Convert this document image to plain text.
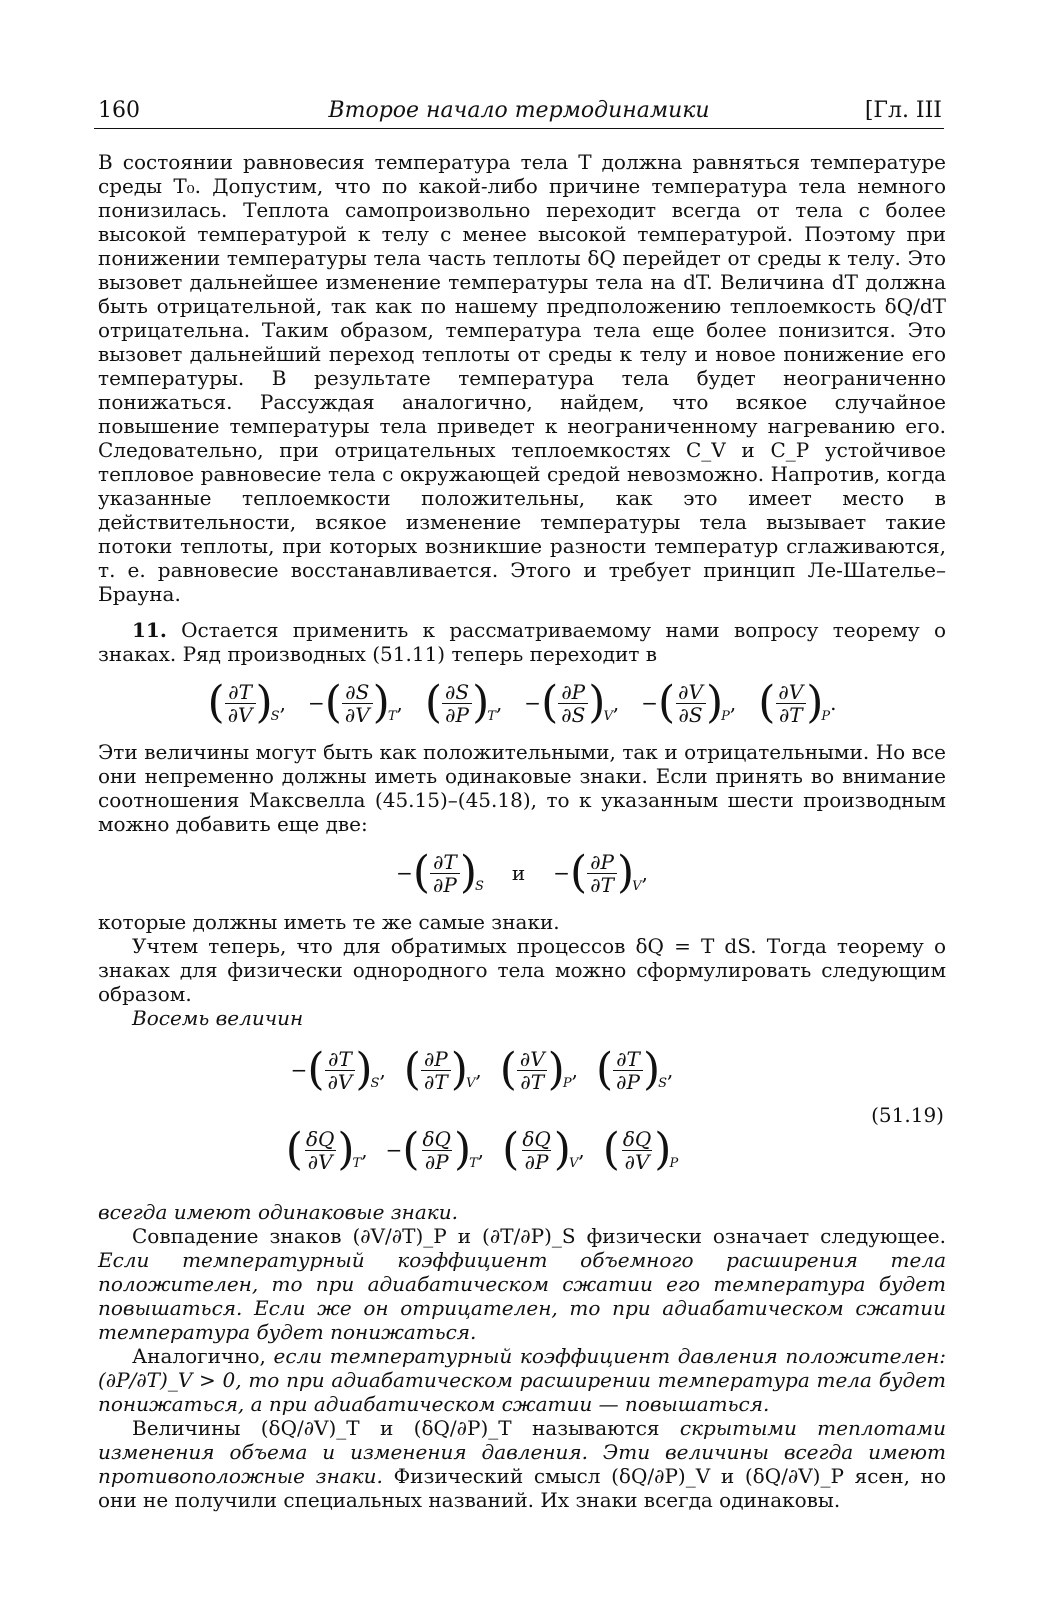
160	Второе начало термодинамики	[Гл. III

В состоянии равновесия температура тела T должна равняться температуре среды T₀. Допустим, что по какой-либо причине температура тела немного понизилась. Теплота самопроизвольно переходит всегда от тела с более высокой температурой к телу с менее высокой температурой. Поэтому при понижении температуры тела часть теплоты δQ перейдет от среды к телу. Это вызовет дальнейшее изменение температуры тела на dT. Величина dT должна быть отрицательной, так как по нашему предположению теплоемкость δQ/dT отрицательна. Таким образом, температура тела еще более понизится. Это вызовет дальнейший переход теплоты от среды к телу и новое понижение его температуры. В результате температура тела будет неограниченно понижаться. Рассуждая аналогично, найдем, что всякое случайное повышение температуры тела приведет к неограниченному нагреванию его. Следовательно, при отрицательных теплоемкостях C_V и C_P устойчивое тепловое равновесие тела с окружающей средой невозможно. Напротив, когда указанные теплоемкости положительны, как это имеет место в действительности, всякое изменение температуры тела вызывает такие потоки теплоты, при которых возникшие разности температур сглаживаются, т. е. равновесие восстанавливается. Этого и требует принцип Ле-Шателье–Брауна.

11. Остается применить к рассматриваемому нами вопросу теорему о знаках. Ряд производных (51.11) теперь переходит в

( $\frac{\partial T}{\partial V}$ )
S
, − ( $\frac{\partial S}{\partial V}$ )
T
, ( $\frac{\partial S}{\partial P}$ )
T
, − ( $\frac{\partial P}{\partial S}$ )
V
, − ( $\frac{\partial V}{\partial S}$ )
P
, ( $\frac{\partial V}{\partial T}$ )
P
.

Эти величины могут быть как положительными, так и отрицательными. Но все они непременно должны иметь одинаковые знаки. Если принять во внимание соотношения Максвелла (45.15)–(45.18), то к указанным шести производным можно добавить еще две:

− ( $\frac{\partial T}{\partial P}$ )
S
и − ( $\frac{\partial P}{\partial T}$ )
V
,

которые должны иметь те же самые знаки.

Учтем теперь, что для обратимых процессов δQ = T dS. Тогда теорему о знаках для физически однородного тела можно сформулировать следующим образом.

Восемь величин

− ( $\frac{\partial T}{\partial V}$ )
S
, ( $\frac{\partial P}{\partial T}$ )
V
, ( $\frac{\partial V}{\partial T}$ )
P
, ( $\frac{\partial T}{\partial P}$ )
S
,
( $\frac{\delta Q}{\partial V}$ )
T
, − ( $\frac{\delta Q}{\partial P}$ )
T
, ( $\frac{\delta Q}{\partial P}$ )
V
, ( $\frac{\delta Q}{\partial V}$ )
P
(51.19)

всегда имеют одинаковые знаки.

Совпадение знаков (∂V/∂T)_P и (∂T/∂P)_S физически означает следующее. Если температурный коэффициент объемного расширения тела положителен, то при адиабатическом сжатии его температура будет повышаться. Если же он отрицателен, то при адиабатическом сжатии температура будет понижаться.

Аналогично, если температурный коэффициент давления положителен: (∂P/∂T)_V > 0, то при адиабатическом расширении температура тела будет понижаться, а при адиабатическом сжатии — повышаться.

Величины (δQ/∂V)_T и (δQ/∂P)_T называются скрытыми теплотами изменения объема и изменения давления. Эти величины всегда имеют противоположные знаки. Физический смысл (δQ/∂P)_V и (δQ/∂V)_P ясен, но они не получили специальных названий. Их знаки всегда одинаковы.
